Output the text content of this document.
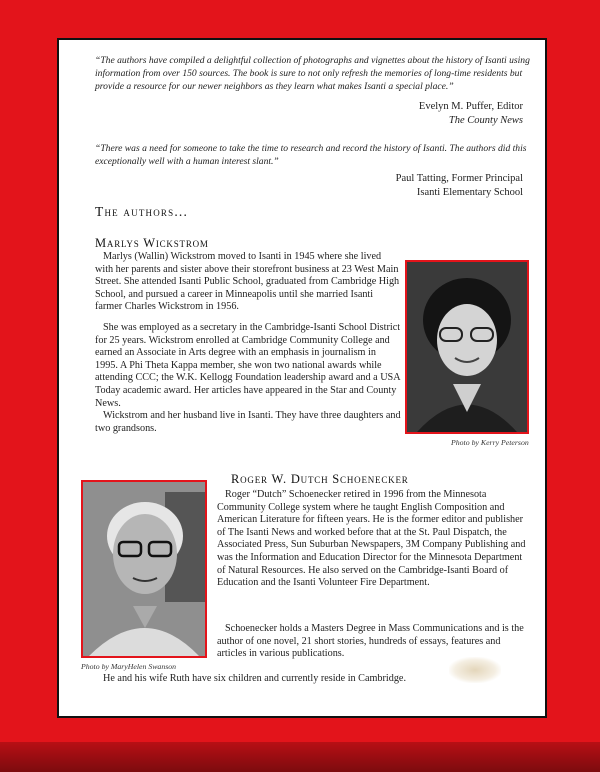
“The authors have compiled a delightful collection of photographs and vignettes about the history of Isanti using information from over 150 sources. The book is sure to not only refresh the memories of long-time residents but provide a resource for our newer neighbors as they learn what makes Isanti a special place.”

Evelyn M. Puffer, Editor
The County News

“There was a need for someone to take the time to research and record the history of Isanti. The authors did this exceptionally well with a human interest slant.”

Paul Tatting, Former Principal
Isanti Elementary School
The authors...
Marlys Wickstrom

Marlys (Wallin) Wickstrom moved to Isanti in 1945 where she lived with her parents and sister above their storefront business at 23 West Main Street. She attended Isanti Public School, graduated from Cambridge High School, and pursued a career in Minneapolis until she married Isanti farmer Charles Wickstrom in 1956.

She was employed as a secretary in the Cambridge-Isanti School District for 25 years. Wickstrom enrolled at Cambridge Community College and earned an Associate in Arts degree with an emphasis in journalism in 1995. A Phi Theta Kappa member, she won two national awards while attending CCC; the W.K. Kellogg Foundation leadership award and a USA Today academic award. Her articles have appeared in the Star and County News.

Wickstrom and her husband live in Isanti. They have three daughters and two grandsons.

Photo by Kerry Peterson
Roger W. Dutch Schoenecker
Photo by MaryHelen Swanson

Roger “Dutch” Schoenecker retired in 1996 from the Minnesota Community College system where he taught English Composition and American Literature for fifteen years. He is the former editor and publisher of The Isanti News and worked before that at the St. Paul Dispatch, the Associated Press, Sun Suburban Newspapers, 3M Company Publishing and was the Information and Education Director for the Minnesota Department of Natural Resources. He also served on the Cambridge-Isanti Board of Education and the Isanti Volunteer Fire Department.

Schoenecker holds a Masters Degree in Mass Communications and is the author of one novel, 21 short stories, hundreds of essays, features and articles in various publications.

He and his wife Ruth have six children and currently reside in Cambridge.
